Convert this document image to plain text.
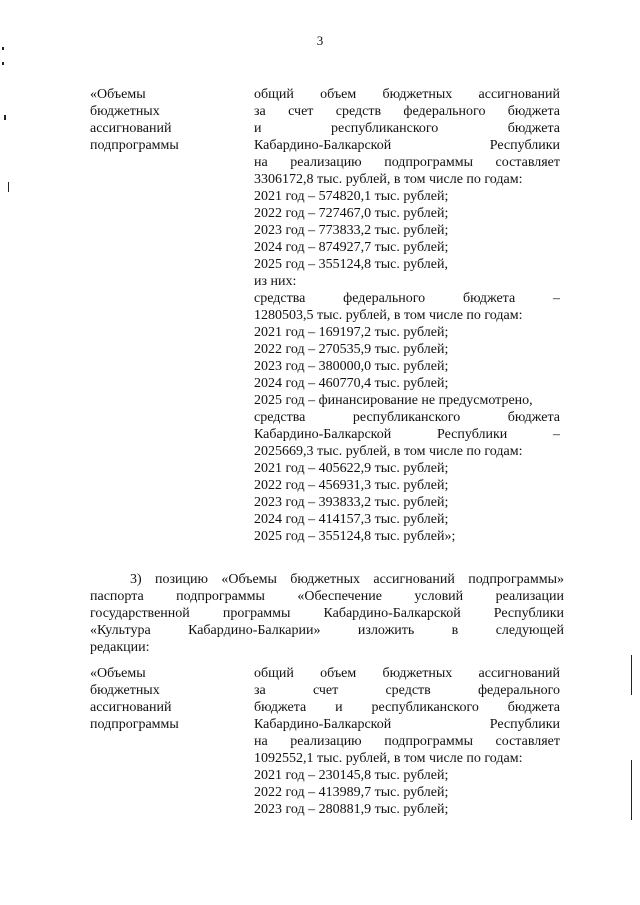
3
«Объемы
бюджетных
ассигнований
подпрограммы
общий объем бюджетных ассигнований
за счет средств федерального бюджета
и республиканского бюджета
Кабардино-Балкарской Республики
на реализацию подпрограммы составляет
3306172,8 тыс. рублей, в том числе по годам:
2021 год – 574820,1 тыс. рублей;
2022 год – 727467,0 тыс. рублей;
2023 год – 773833,2 тыс. рублей;
2024 год – 874927,7 тыс. рублей;
2025 год – 355124,8 тыс. рублей,
из них:
средства федерального бюджета –
1280503,5 тыс. рублей, в том числе по годам:
2021 год – 169197,2 тыс. рублей;
2022 год – 270535,9 тыс. рублей;
2023 год – 380000,0 тыс. рублей;
2024 год – 460770,4 тыс. рублей;
2025 год – финансирование не предусмотрено,
средства республиканского бюджета
Кабардино-Балкарской Республики –
2025669,3 тыс. рублей, в том числе по годам:
2021 год – 405622,9 тыс. рублей;
2022 год – 456931,3 тыс. рублей;
2023 год – 393833,2 тыс. рублей;
2024 год – 414157,3 тыс. рублей;
2025 год – 355124,8 тыс. рублей»;
3) позицию «Объемы бюджетных ассигнований подпрограммы»
паспорта подпрограммы «Обеспечение условий реализации
государственной программы Кабардино-Балкарской Республики
«Культура Кабардино-Балкарии» изложить в следующей
редакции:
«Объемы
бюджетных
ассигнований
подпрограммы
общий объем бюджетных ассигнований
за счет средств федерального
бюджета и республиканского бюджета
Кабардино-Балкарской Республики
на реализацию подпрограммы составляет
1092552,1 тыс. рублей, в том числе по годам:
2021 год – 230145,8 тыс. рублей;
2022 год – 413989,7 тыс. рублей;
2023 год – 280881,9 тыс. рублей;
